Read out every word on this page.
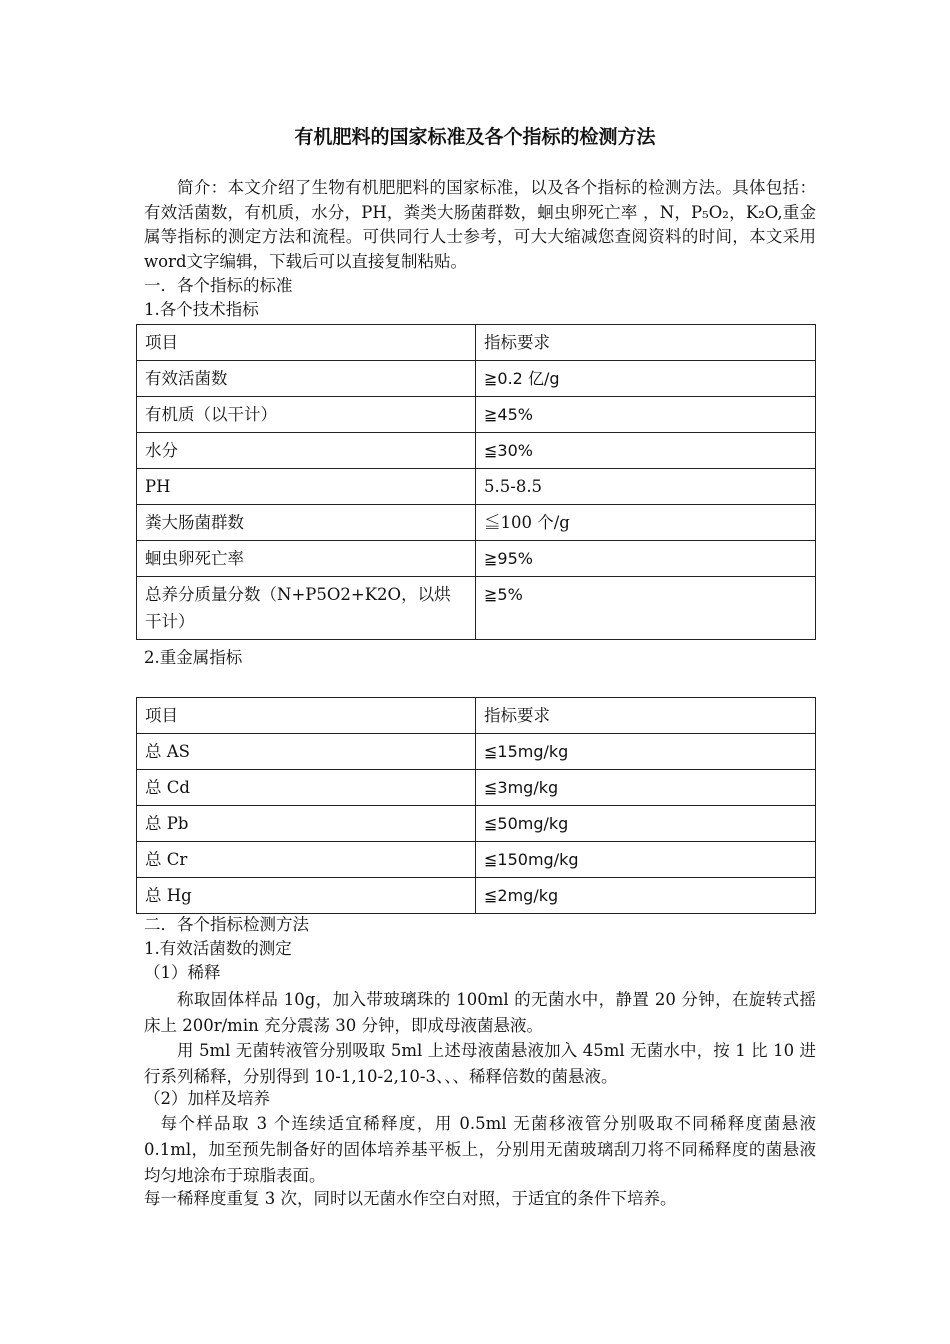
有机肥料的国家标准及各个指标的检测方法

简介：本文介绍了生物有机肥肥料的国家标准，以及各个指标的检测方法。具体包括：有效活菌数，有机质，水分，PH，粪类大肠菌群数，蛔虫卵死亡率 ，N，P₅O₂，K₂O,重金属等指标的测定方法和流程。可供同行人士参考，可大大缩减您查阅资料的时间，本文采用word文字编辑，下载后可以直接复制粘贴。

一．各个指标的标准
1.各个技术指标
项目	指标要求
有效活菌数	≧0.2 亿/g
有机质（以干计）	≧45%
水分	≦30%
PH	5.5-8.5
粪大肠菌群数	≦100 个/g
蛔虫卵死亡率	≧95%
总养分质量分数（N+P5O2+K2O，以烘干计）	≧5%
2.重金属指标
项目	指标要求
总 AS	≦15mg/kg
总 Cd	≦3mg/kg
总 Pb	≦50mg/kg
总 Cr	≦150mg/kg
总 Hg	≦2mg/kg
二．各个指标检测方法
1.有效活菌数的测定
（1）稀释

称取固体样品 10g，加入带玻璃珠的 100ml 的无菌水中，静置 20 分钟，在旋转式摇床上 200r/min 充分震荡 30 分钟，即成母液菌悬液。

用 5ml 无菌转液管分别吸取 5ml 上述母液菌悬液加入 45ml 无菌水中，按 1 比 10 进行系列稀释，分别得到 10-1,10-2,10-3、、、稀释倍数的菌悬液。

（2）加样及培养

每个样品取 3 个连续适宜稀释度，用 0.5ml 无菌移液管分别吸取不同稀释度菌悬液 0.1ml，加至预先制备好的固体培养基平板上，分别用无菌玻璃刮刀将不同稀释度的菌悬液均匀地涂布于琼脂表面。

每一稀释度重复 3 次，同时以无菌水作空白对照，于适宜的条件下培养。
